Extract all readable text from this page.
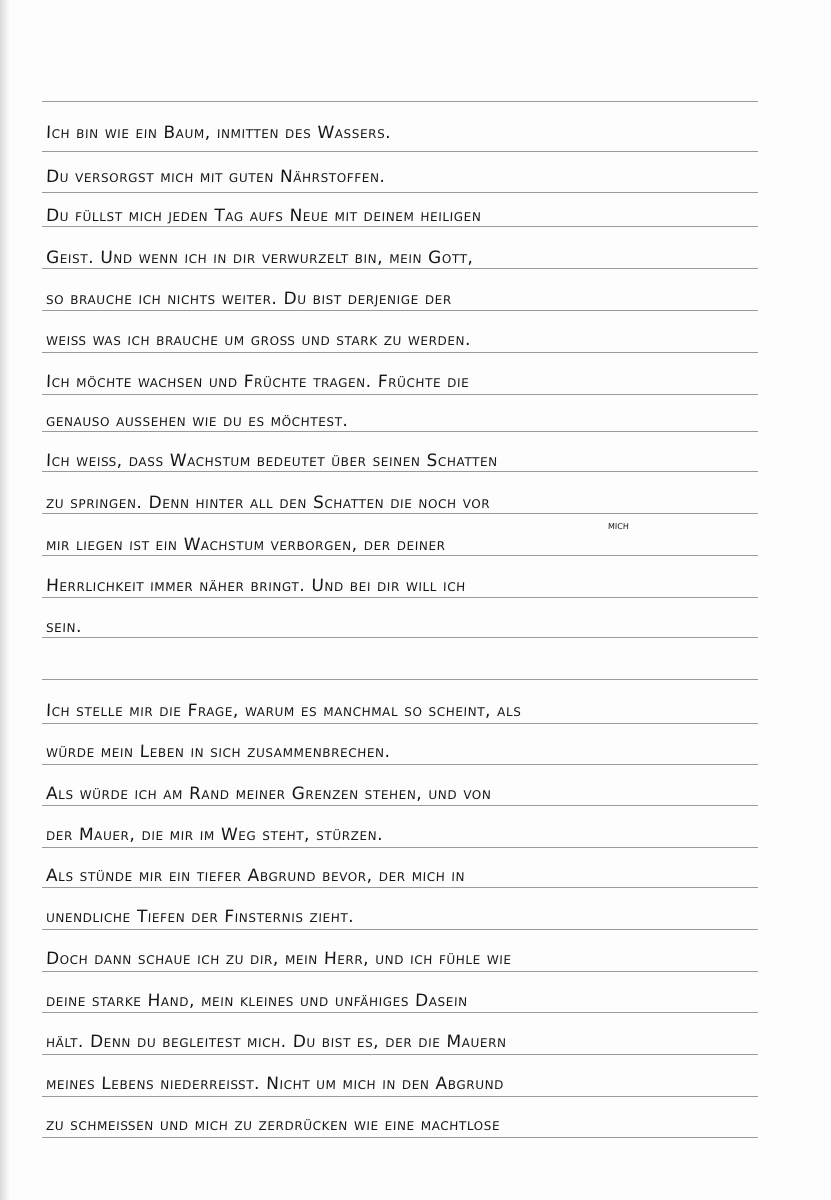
Ich bin wie ein Baum, inmitten des Wassers.
Du versorgst mich mit guten Nährstoffen.
Du füllst mich jeden Tag aufs Neue mit deinem heiligen
Geist. Und wenn ich in dir verwurzelt bin, mein Gott,
so brauche ich nichts weiter. Du bist derjenige der
weiß was ich brauche um groß und stark zu werden.
Ich möchte wachsen und Früchte tragen. Früchte die
genauso aussehen wie du es möchtest.
Ich weiß, dass Wachstum bedeutet über seinen Schatten
zu springen. Denn hinter all den Schatten die noch vor
mir liegen ist ein Wachstum verborgen, der deiner
mich
Herrlichkeit immer näher bringt. Und bei dir will ich
sein.
Ich stelle mir die Frage, warum es manchmal so scheint, als
würde mein Leben in sich zusammenbrechen.
Als würde ich am Rand meiner Grenzen stehen, und von
der Mauer, die mir im Weg steht, stürzen.
Als stünde mir ein tiefer Abgrund bevor, der mich in
unendliche Tiefen der Finsternis zieht.
Doch dann schaue ich zu dir, mein Herr, und ich fühle wie
deine starke Hand, mein kleines und unfähiges Dasein
hält. Denn du begleitest mich. Du bist es, der die Mauern
meines Lebens niederreißt. Nicht um mich in den Abgrund
zu schmeißen und mich zu zerdrücken wie eine machtlose
